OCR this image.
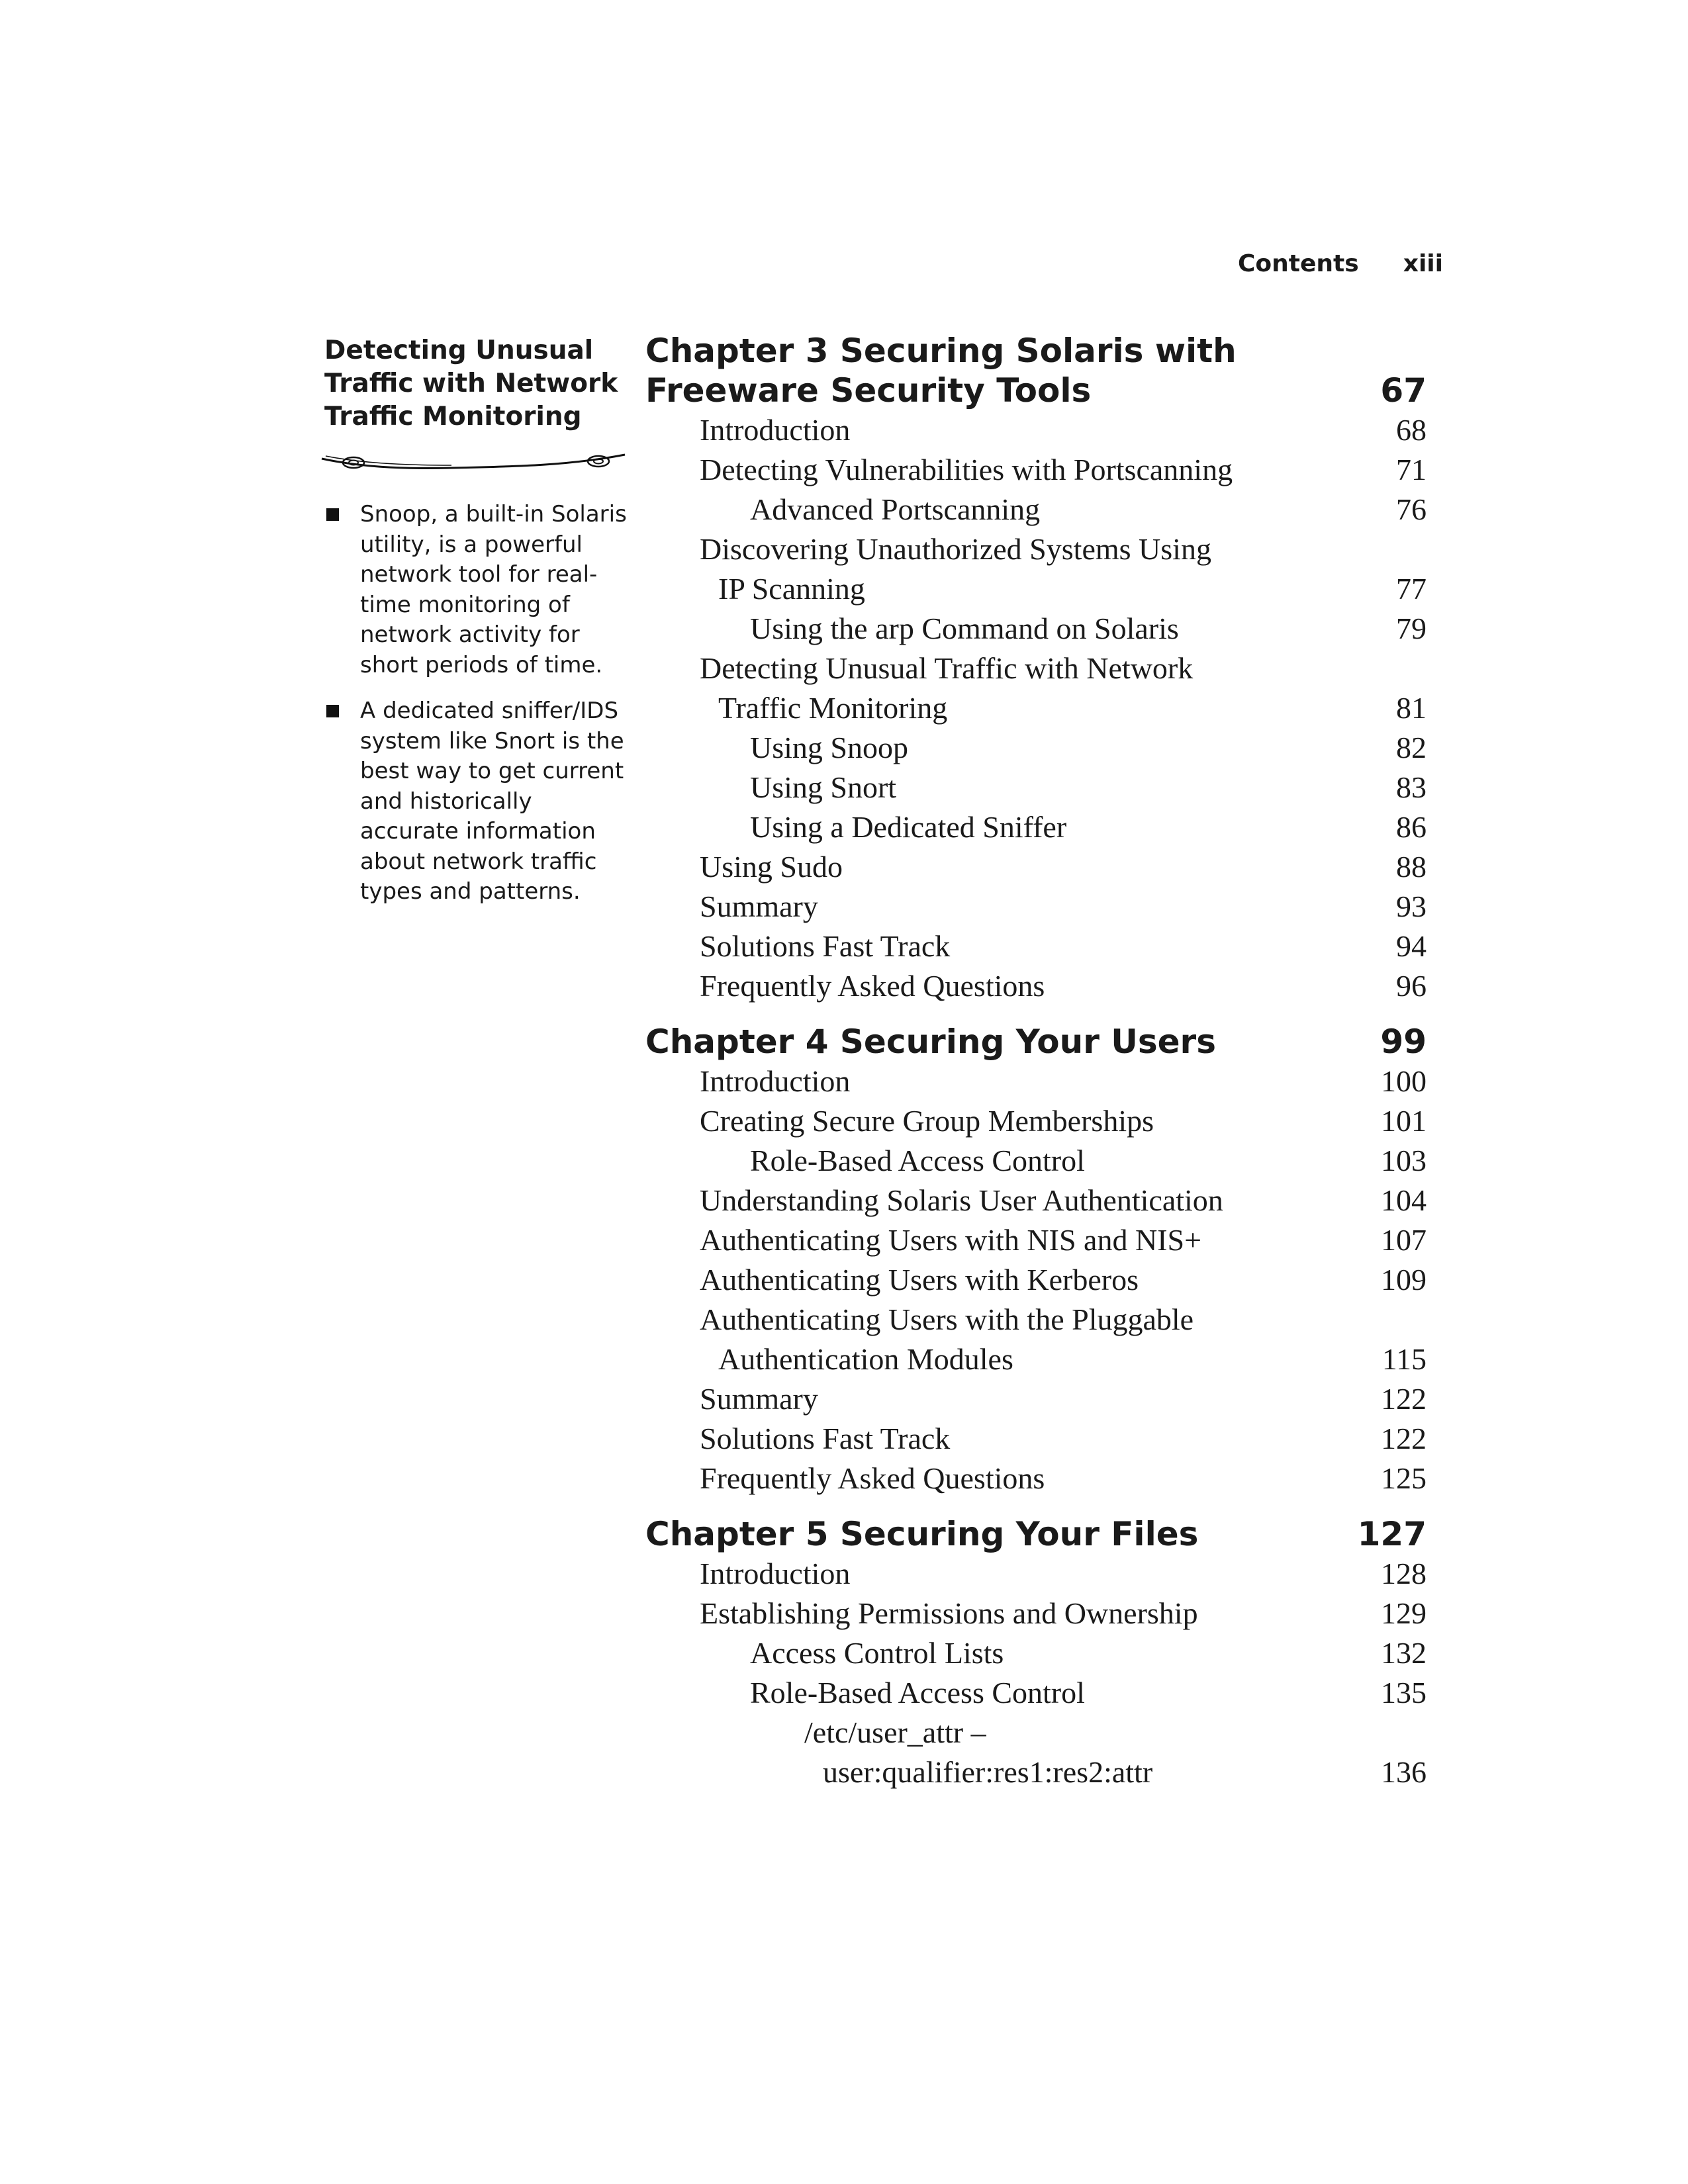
Contents xiii
Detecting Unusual Traffic with Network Traffic Monitoring
Snoop, a built-in Solaris utility, is a powerful network tool for real-time monitoring of network activity for short periods of time.
A dedicated sniffer/IDS system like Snort is the best way to get current and historically accurate information about network traffic types and patterns.
Chapter 3 Securing Solaris with Freeware Security Tools	67
Introduction	68
Detecting Vulnerabilities with Portscanning	71
Advanced Portscanning	76
Discovering Unauthorized Systems Using
IP Scanning	77
Using the arp Command on Solaris	79
Detecting Unusual Traffic with Network
Traffic Monitoring	81
Using Snoop	82
Using Snort	83
Using a Dedicated Sniffer	86
Using Sudo	88
Summary	93
Solutions Fast Track	94
Frequently Asked Questions	96
Chapter 4 Securing Your Users	99
Introduction	100
Creating Secure Group Memberships	101
Role-Based Access Control	103
Understanding Solaris User Authentication	104
Authenticating Users with NIS and NIS+	107
Authenticating Users with Kerberos	109
Authenticating Users with the Pluggable
Authentication Modules	115
Summary	122
Solutions Fast Track	122
Frequently Asked Questions	125
Chapter 5 Securing Your Files	127
Introduction	128
Establishing Permissions and Ownership	129
Access Control Lists	132
Role-Based Access Control	135
/etc/user_attr –
user:qualifier:res1:res2:attr	136
